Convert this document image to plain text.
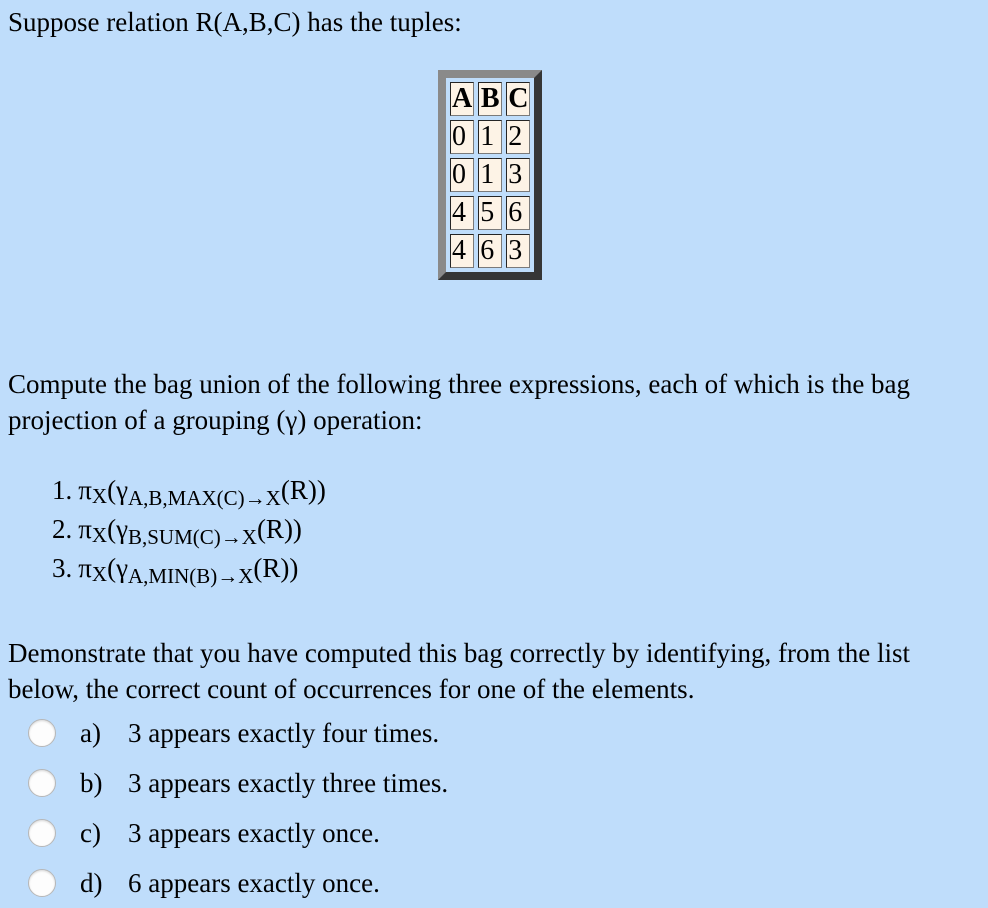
Suppose relation R(A,B,C) has the tuples:
A	B	C
0	1	2
0	1	3
4	5	6
4	6	3
Compute the bag union of the following three expressions, each of which is the bag projection of a grouping (γ) operation:
1. $\pi X(\gamma_{A,B,MAX(C)\to X}(R))$
2. $\pi X(\gamma_{B,SUM(C)\to X}(R))$
3. $\pi X(\gamma_{A,MIN(B)\to X}(R))$
Demonstrate that you have computed this bag correctly by identifying, from the list below, the correct count of occurrences for one of the elements.
a)	3 appears exactly four times.
b) 3 appears exactly three times.
c)	3 appears exactly once.
d) 6 appears exactly once.
